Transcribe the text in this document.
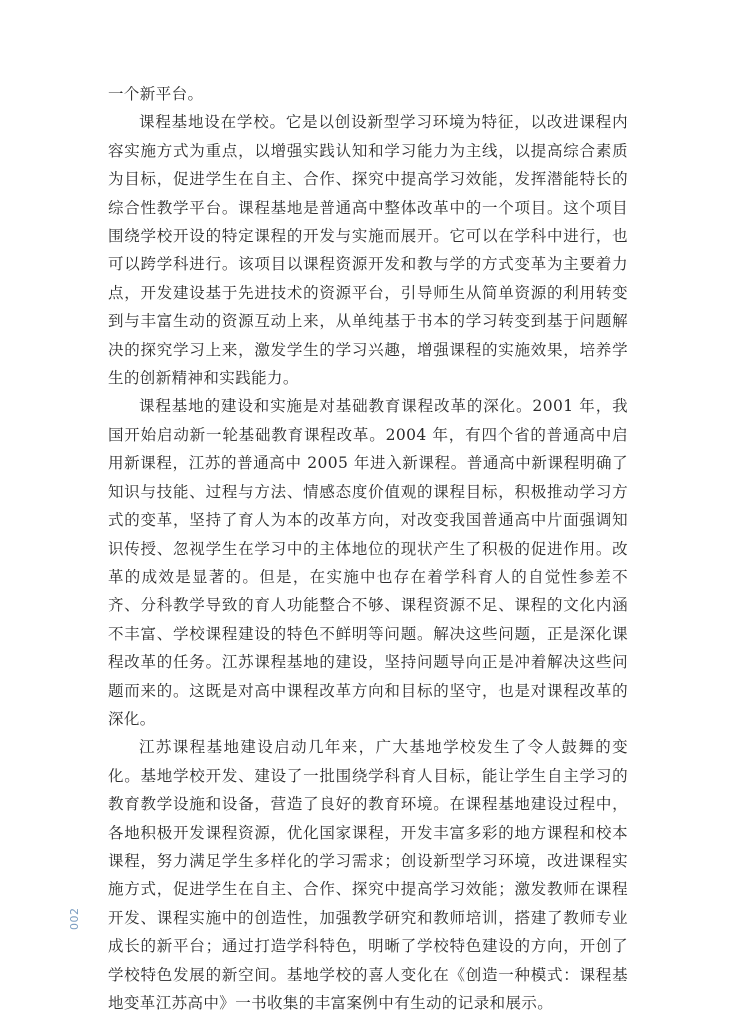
一个新平台。

课程基地设在学校。它是以创设新型学习环境为特征，以改进课程内容实施方式为重点，以增强实践认知和学习能力为主线，以提高综合素质为目标，促进学生在自主、合作、探究中提高学习效能，发挥潜能特长的综合性教学平台。课程基地是普通高中整体改革中的一个项目。这个项目围绕学校开设的特定课程的开发与实施而展开。它可以在学科中进行，也可以跨学科进行。该项目以课程资源开发和教与学的方式变革为主要着力点，开发建设基于先进技术的资源平台，引导师生从简单资源的利用转变到与丰富生动的资源互动上来，从单纯基于书本的学习转变到基于问题解决的探究学习上来，激发学生的学习兴趣，增强课程的实施效果，培养学生的创新精神和实践能力。

课程基地的建设和实施是对基础教育课程改革的深化。2001 年，我国开始启动新一轮基础教育课程改革。2004 年，有四个省的普通高中启用新课程，江苏的普通高中 2005 年进入新课程。普通高中新课程明确了知识与技能、过程与方法、情感态度价值观的课程目标，积极推动学习方式的变革，坚持了育人为本的改革方向，对改变我国普通高中片面强调知识传授、忽视学生在学习中的主体地位的现状产生了积极的促进作用。改革的成效是显著的。但是，在实施中也存在着学科育人的自觉性参差不齐、分科教学导致的育人功能整合不够、课程资源不足、课程的文化内涵不丰富、学校课程建设的特色不鲜明等问题。解决这些问题，正是深化课程改革的任务。江苏课程基地的建设，坚持问题导向正是冲着解决这些问题而来的。这既是对高中课程改革方向和目标的坚守，也是对课程改革的深化。

江苏课程基地建设启动几年来，广大基地学校发生了令人鼓舞的变化。基地学校开发、建设了一批围绕学科育人目标，能让学生自主学习的教育教学设施和设备，营造了良好的教育环境。在课程基地建设过程中，各地积极开发课程资源，优化国家课程，开发丰富多彩的地方课程和校本课程，努力满足学生多样化的学习需求；创设新型学习环境，改进课程实施方式，促进学生在自主、合作、探究中提高学习效能；激发教师在课程开发、课程实施中的创造性，加强教学研究和教师培训，搭建了教师专业成长的新平台；通过打造学科特色，明晰了学校特色建设的方向，开创了学校特色发展的新空间。基地学校的喜人变化在《创造一种模式：课程基地变革江苏高中》一书收集的丰富案例中有生动的记录和展示。

002
